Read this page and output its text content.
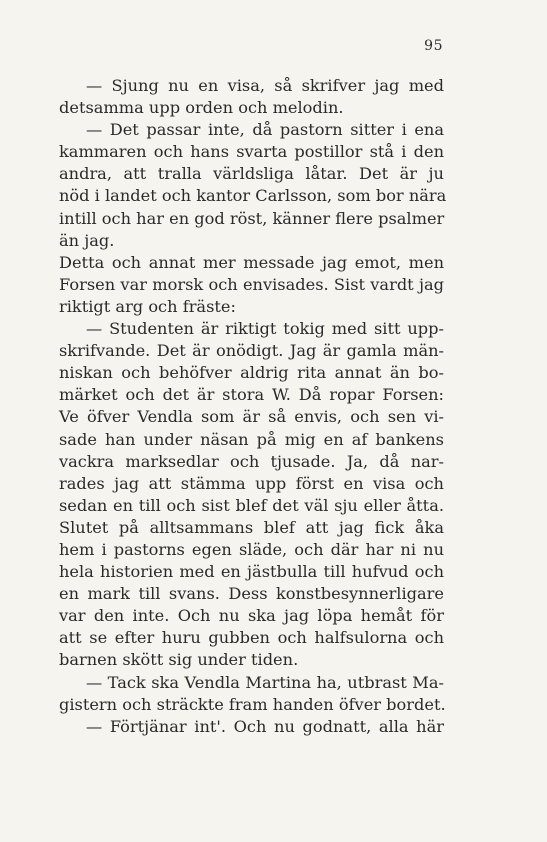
95
— Sjung nu en visa, så skrifver jag med
detsamma upp orden och melodin.
— Det passar inte, då pastorn sitter i ena
kammaren och hans svarta postillor stå i den
andra, att tralla världsliga låtar. Det är ju
nöd i landet och kantor Carlsson, som bor nära
intill och har en god röst, känner flere psalmer
än jag.
Detta och annat mer messade jag emot, men
Forsen var morsk och envisades. Sist vardt jag
riktigt arg och fräste:
— Studenten är riktigt tokig med sitt upp-
skrifvande. Det är onödigt. Jag är gamla män-
niskan och behöfver aldrig rita annat än bo-
märket och det är stora W. Då ropar Forsen:
Ve öfver Vendla som är så envis, och sen vi-
sade han under näsan på mig en af bankens
vackra marksedlar och tjusade. Ja, då nar-
rades jag att stämma upp först en visa och
sedan en till och sist blef det väl sju eller åtta.
Slutet på alltsammans blef att jag fick åka
hem i pastorns egen släde, och där har ni nu
hela historien med en jästbulla till hufvud och
en mark till svans. Dess konstbesynnerligare
var den inte. Och nu ska jag löpa hemåt för
att se efter huru gubben och halfsulorna och
barnen skött sig under tiden.
— Tack ska Vendla Martina ha, utbrast Ma-
gistern och sträckte fram handen öfver bordet.
— Förtjänar int'. Och nu godnatt, alla här
